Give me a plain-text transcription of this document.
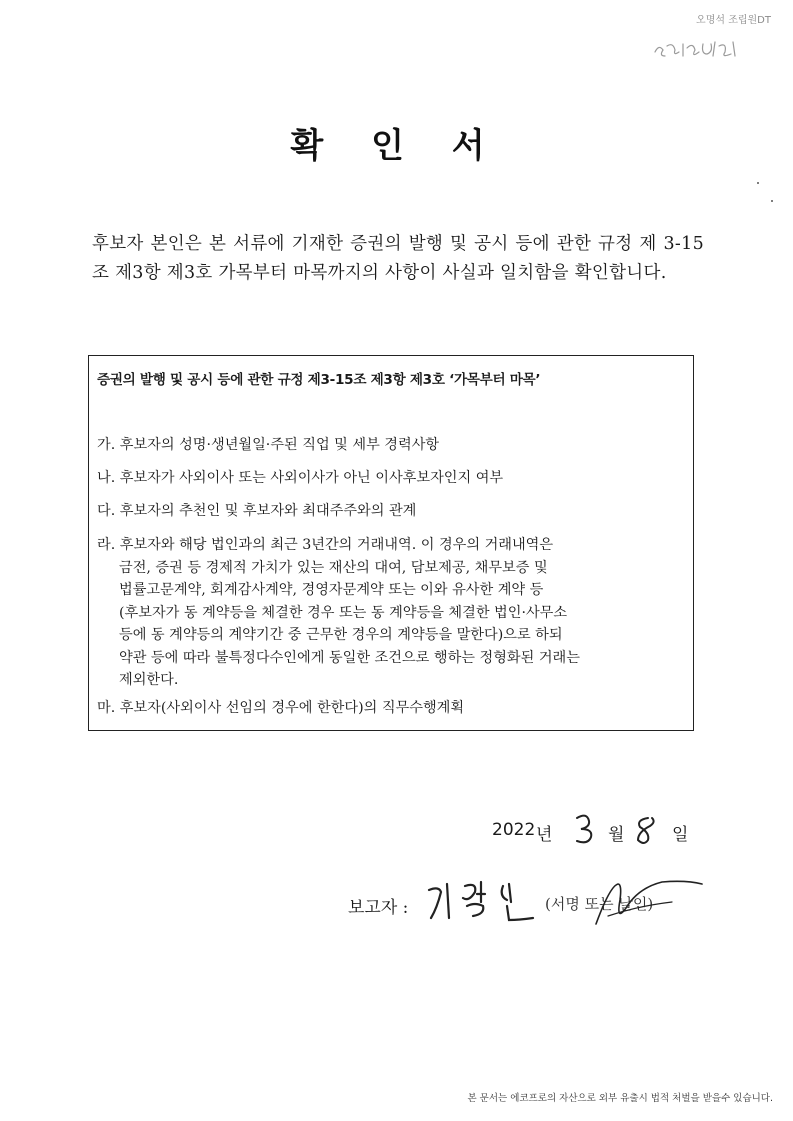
오명석 조립원DT
확 인 서
후보자 본인은 본 서류에 기재한 증권의 발행 및 공시 등에 관한 규정 제 3-15조 제3항 제3호 가목부터 마목까지의 사항이 사실과 일치함을 확인합니다.
증권의 발행 및 공시 등에 관한 규정 제3-15조 제3항 제3호 ‘가목부터 마목’
가. 후보자의 성명·생년월일·주된 직업 및 세부 경력사항
나. 후보자가 사외이사 또는 사외이사가 아닌 이사후보자인지 여부
다. 후보자의 추천인 및 후보자와 최대주주와의 관계
라. 후보자와 해당 법인과의 최근 3년간의 거래내역. 이 경우의 거래내역은
금전, 증권 등 경제적 가치가 있는 재산의 대여, 담보제공, 채무보증 및
법률고문계약, 회계감사계약, 경영자문계약 또는 이와 유사한 계약 등
(후보자가 동 계약등을 체결한 경우 또는 동 계약등을 체결한 법인·사무소
등에 동 계약등의 계약기간 중 근무한 경우의 계약등을 말한다)으로 하되
약관 등에 따라 불특정다수인에게 동일한 조건으로 행하는 정형화된 거래는
제외한다.
마. 후보자(사외이사 선임의 경우에 한한다)의 직무수행계획
2022 년	월	일
보고자 :	(서명 또는 날인)
본 문서는 에코프로의 자산으로 외부 유출시 법적 처벌을 받을수 있습니다.
